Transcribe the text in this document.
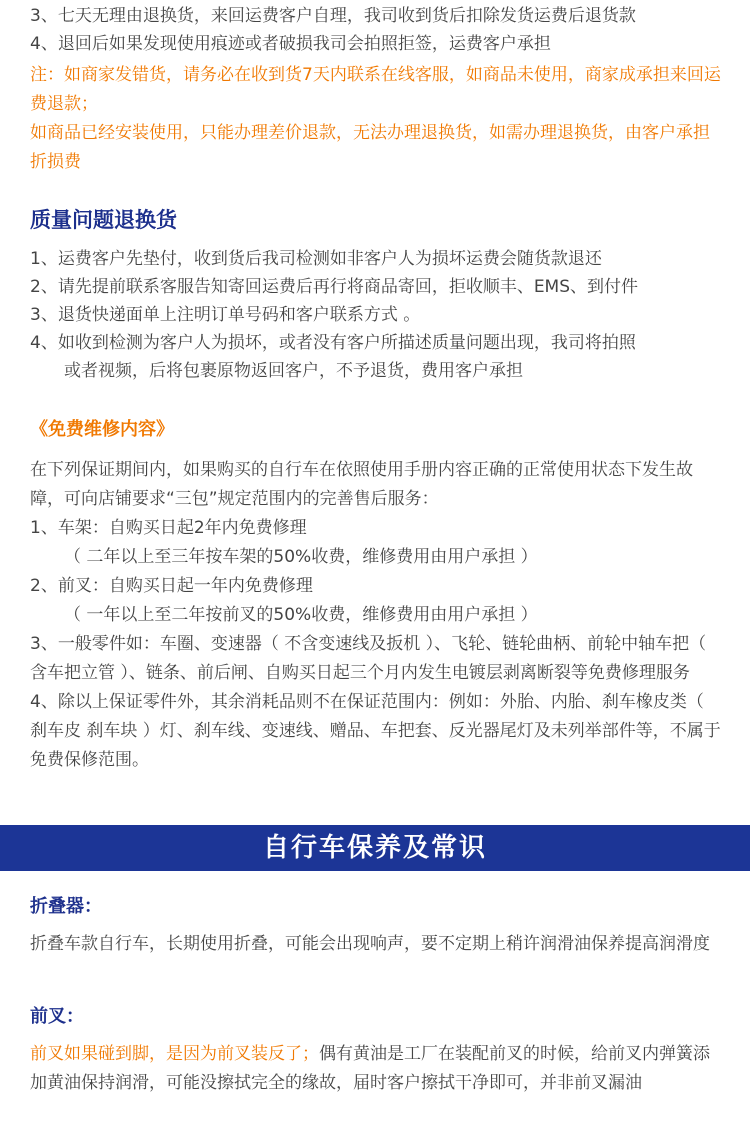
3、七天无理由退换货，来回运费客户自理，我司收到货后扣除发货运费后退货款
4、退回后如果发现使用痕迹或者破损我司会拍照拒签，运费客户承担
注：如商家发错货，请务必在收到货7天内联系在线客服，如商品未使用，商家成承担来回运费退款；
如商品已经安装使用，只能办理差价退款，无法办理退换货，如需办理退换货，由客户承担折损费
质量问题退换货
1、运费客户先垫付，收到货后我司检测如非客户人为损坏运费会随货款退还
2、请先提前联系客服告知寄回运费后再行将商品寄回，拒收顺丰、EMS、到付件
3、退货快递面单上注明订单号码和客户联系方式 。
4、如收到检测为客户人为损坏，或者没有客户所描述质量问题出现，我司将拍照
或者视频，后将包裹原物返回客户，不予退货，费用客户承担
《免费维修内容》
在下列保证期间内，如果购买的自行车在依照使用手册内容正确的正常使用状态下发生故障，可向店铺要求“三包”规定范围内的完善售后服务：
1、车架：自购买日起2年内免费修理
（ 二年以上至三年按车架的50%收费，维修费用由用户承担 ）
2、前叉：自购买日起一年内免费修理
（ 一年以上至二年按前叉的50%收费，维修费用由用户承担 ）
3、一般零件如：车圈、变速器（ 不含变速线及扳机 ）、飞轮、链轮曲柄、前轮中轴车把（ 含车把立管 ）、链条、前后闸、自购买日起三个月内发生电镀层剥离断裂等免费修理服务
4、除以上保证零件外，其余消耗品则不在保证范围内：例如：外胎、内胎、刹车橡皮类（ 刹车皮 刹车块 ）灯、刹车线、变速线、赠品、车把套、反光器尾灯及未列举部件等，不属于免费保修范围。
自行车保养及常识
折叠器：
折叠车款自行车，长期使用折叠，可能会出现响声，要不定期上稍许润滑油保养提高润滑度
前叉：
前叉如果碰到脚，是因为前叉装反了；偶有黄油是工厂在装配前叉的时候，给前叉内弹簧添加黄油保持润滑，可能没擦拭完全的缘故，届时客户擦拭干净即可，并非前叉漏油
